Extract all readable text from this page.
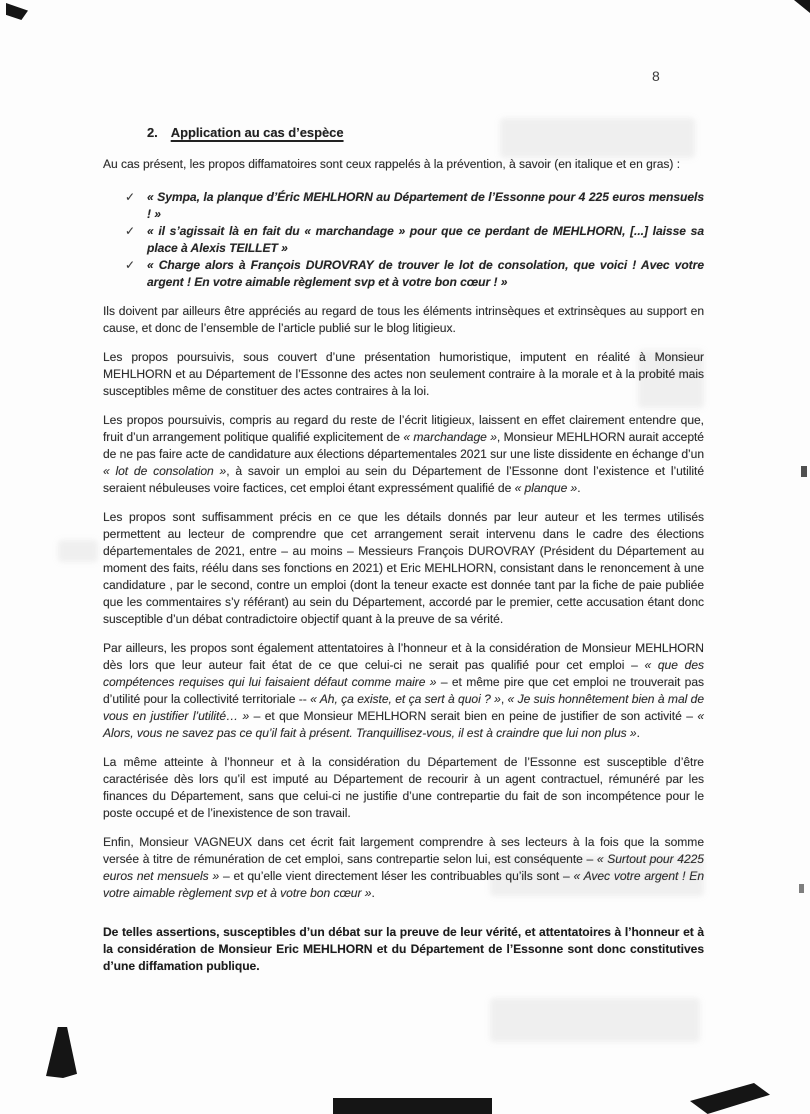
8
2. Application au cas d’espèce

Au cas présent, les propos diffamatoires sont ceux rappelés à la prévention, à savoir (en italique et en gras) :

✓ « Sympa, la planque d’Éric MEHLHORN au Département de l’Essonne pour 4 225 euros mensuels ! »
✓ « il s’agissait là en fait du « marchandage » pour que ce perdant de MEHLHORN, [...] laisse sa place à Alexis TEILLET »
✓ « Charge alors à François DUROVRAY de trouver le lot de consolation, que voici ! Avec votre argent ! En votre aimable règlement svp et à votre bon cœur ! »

Ils doivent par ailleurs être appréciés au regard de tous les éléments intrinsèques et extrinsèques au support en cause, et donc de l’ensemble de l’article publié sur le blog litigieux.

Les propos poursuivis, sous couvert d’une présentation humoristique, imputent en réalité à Monsieur MEHLHORN et au Département de l’Essonne des actes non seulement contraire à la morale et à la probité mais susceptibles même de constituer des actes contraires à la loi.

Les propos poursuivis, compris au regard du reste de l’écrit litigieux, laissent en effet clairement entendre que, fruit d’un arrangement politique qualifié explicitement de « marchandage », Monsieur MEHLHORN aurait accepté de ne pas faire acte de candidature aux élections départementales 2021 sur une liste dissidente en échange d’un « lot de consolation », à savoir un emploi au sein du Département de l’Essonne dont l’existence et l’utilité seraient nébuleuses voire factices, cet emploi étant expressément qualifié de « planque ».

Les propos sont suffisamment précis en ce que les détails donnés par leur auteur et les termes utilisés permettent au lecteur de comprendre que cet arrangement serait intervenu dans le cadre des élections départementales de 2021, entre – au moins – Messieurs François DUROVRAY (Président du Département au moment des faits, réélu dans ses fonctions en 2021) et Eric MEHLHORN, consistant dans le renoncement à une candidature , par le second, contre un emploi (dont la teneur exacte est donnée tant par la fiche de paie publiée que les commentaires s’y référant) au sein du Département, accordé par le premier, cette accusation étant donc susceptible d’un débat contradictoire objectif quant à la preuve de sa vérité.

Par ailleurs, les propos sont également attentatoires à l’honneur et à la considération de Monsieur MEHLHORN dès lors que leur auteur fait état de ce que celui-ci ne serait pas qualifié pour cet emploi – « que des compétences requises qui lui faisaient défaut comme maire » – et même pire que cet emploi ne trouverait pas d’utilité pour la collectivité territoriale -- « Ah, ça existe, et ça sert à quoi ? », « Je suis honnêtement bien à mal de vous en justifier l’utilité… » – et que Monsieur MEHLHORN serait bien en peine de justifier de son activité – « Alors, vous ne savez pas ce qu’il fait à présent. Tranquillisez-vous, il est à craindre que lui non plus ».

La même atteinte à l’honneur et à la considération du Département de l’Essonne est susceptible d’être caractérisée dès lors qu’il est imputé au Département de recourir à un agent contractuel, rémunéré par les finances du Département, sans que celui-ci ne justifie d’une contrepartie du fait de son incompétence pour le poste occupé et de l’inexistence de son travail.

Enfin, Monsieur VAGNEUX dans cet écrit fait largement comprendre à ses lecteurs à la fois que la somme versée à titre de rémunération de cet emploi, sans contrepartie selon lui, est conséquente – « Surtout pour 4225 euros net mensuels » – et qu’elle vient directement léser les contribuables qu’ils sont – « Avec votre argent ! En votre aimable règlement svp et à votre bon cœur ».

De telles assertions, susceptibles d’un débat sur la preuve de leur vérité, et attentatoires à l’honneur et à la considération de Monsieur Eric MEHLHORN et du Département de l’Essonne sont donc constitutives d’une diffamation publique.
